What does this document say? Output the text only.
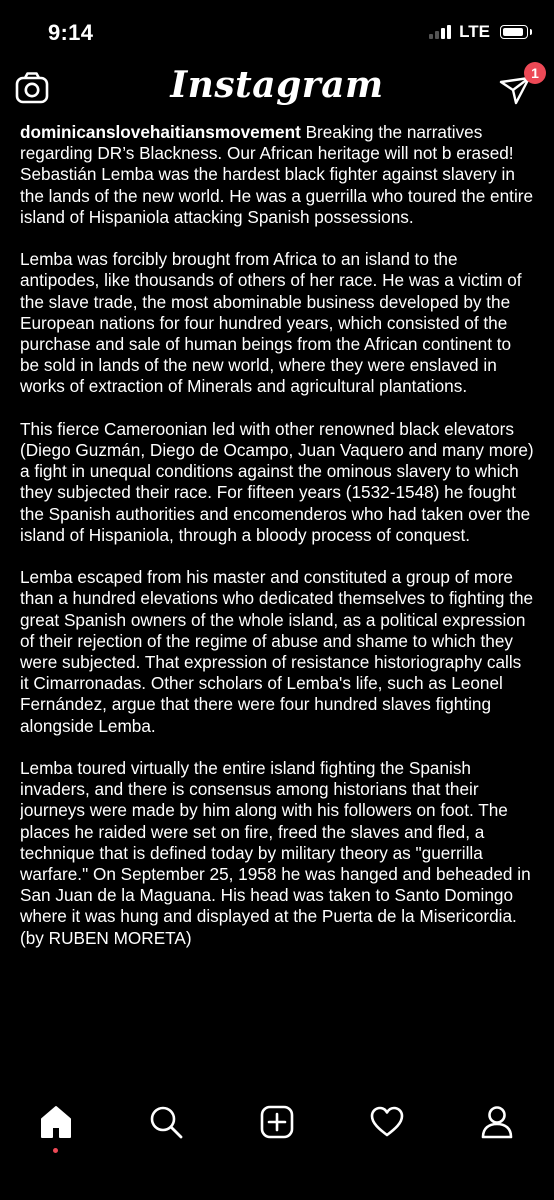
9:14	LTE
Instagram	1

dominicanslovehaitiansmovement Breaking the narratives regarding DR’s Blackness. Our African heritage will not b erased!

Sebastián Lemba was the hardest black fighter against slavery in the lands of the new world. He was a guerrilla who toured the entire island of Hispaniola attacking Spanish possessions.

Lemba was forcibly brought from Africa to an island to the antipodes, like thousands of others of her race. He was a victim of the slave trade, the most abominable business developed by the European nations for four hundred years, which consisted of the purchase and sale of human beings from the African continent to be sold in lands of the new world, where they were enslaved in works of extraction of Minerals and agricultural plantations.

This fierce Cameroonian led with other renowned black elevators (Diego Guzmán, Diego de Ocampo, Juan Vaquero and many more) a fight in unequal conditions against the ominous slavery to which they subjected their race. For fifteen years (1532-1548) he fought the Spanish authorities and encomenderos who had taken over the island of Hispaniola, through a bloody process of conquest.

Lemba escaped from his master and constituted a group of more than a hundred elevations who dedicated themselves to fighting the great Spanish owners of the whole island, as a political expression of their rejection of the regime of abuse and shame to which they were subjected. That expression of resistance historiography calls it Cimarronadas. Other scholars of Lemba's life, such as Leonel Fernández, argue that there were four hundred slaves fighting alongside Lemba.

Lemba toured virtually the entire island fighting the Spanish invaders, and there is consensus among historians that their journeys were made by him along with his followers on foot. The places he raided were set on fire, freed the slaves and fled, a technique that is defined today by military theory as "guerrilla warfare." On September 25, 1958 he was hanged and beheaded in San Juan de la Maguana. His head was taken to Santo Domingo where it was hung and displayed at the Puerta de la Misericordia. (by RUBEN MORETA)
